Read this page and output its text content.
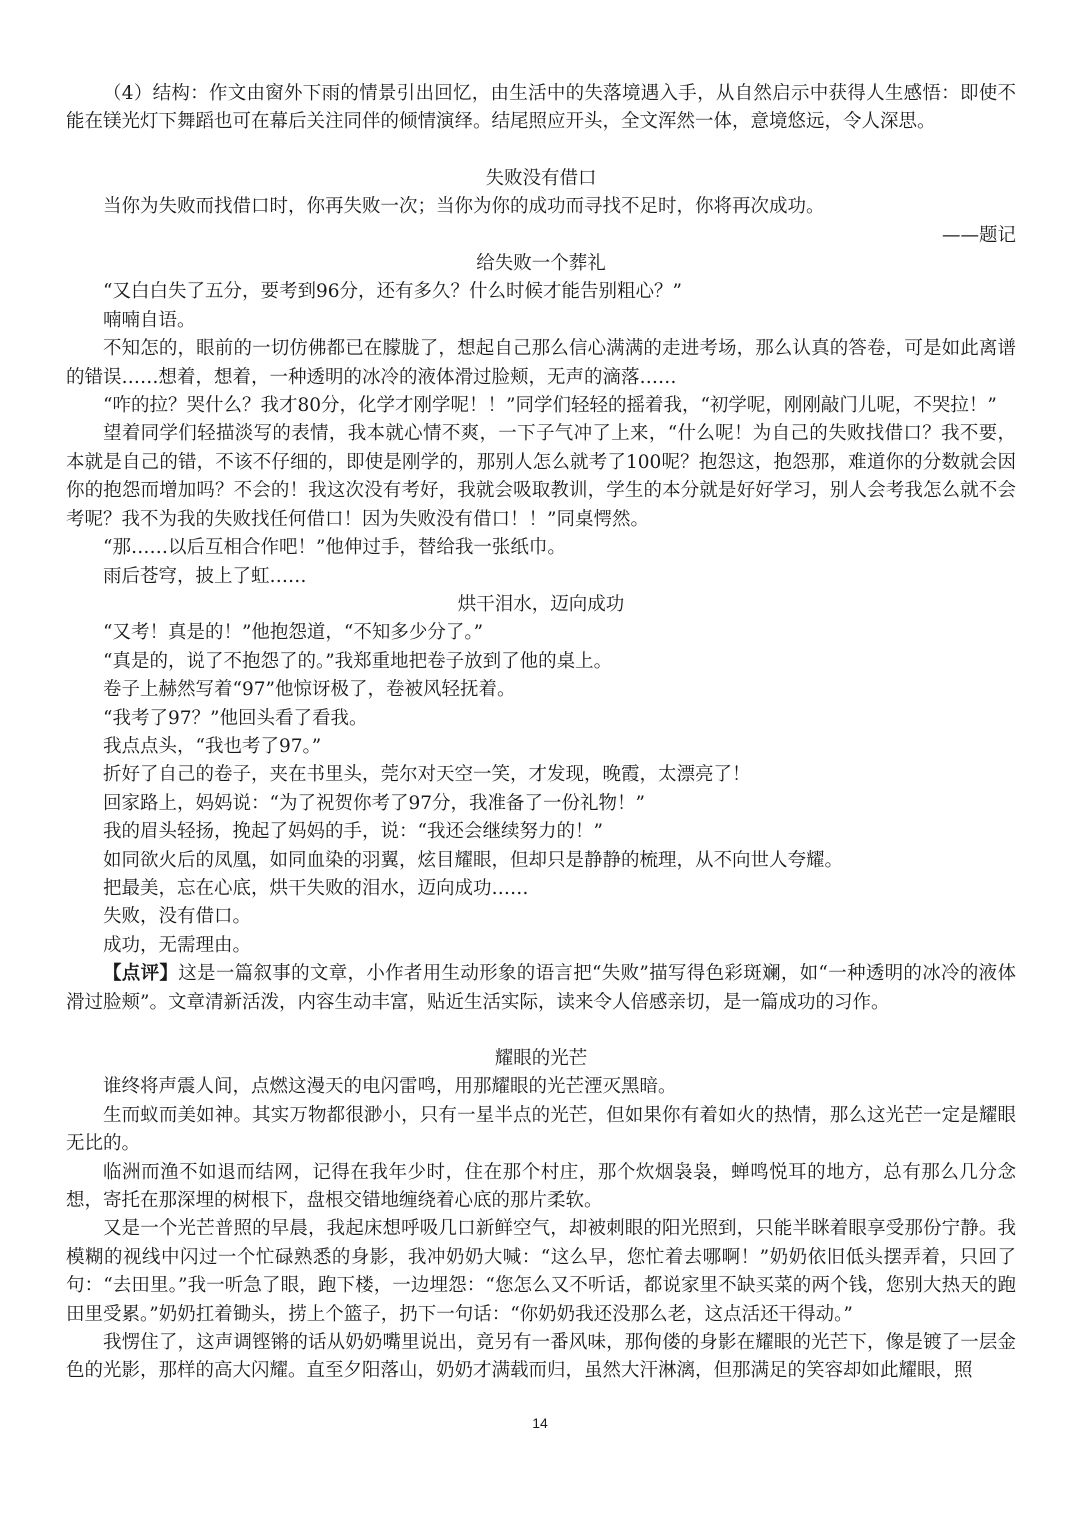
（4）结构：作文由窗外下雨的情景引出回忆，由生活中的失落境遇入手，从自然启示中获得人生感悟：即使不能在镁光灯下舞蹈也可在幕后关注同伴的倾情演绎。结尾照应开头，全文浑然一体，意境悠远，令人深思。

失败没有借口

当你为失败而找借口时，你再失败一次；当你为你的成功而寻找不足时，你将再次成功。

——题记

给失败一个葬礼

“又白白失了五分，要考到96分，还有多久？什么时候才能告别粗心？”

喃喃自语。

不知怎的，眼前的一切仿佛都已在朦胧了，想起自己那么信心满满的走进考场，那么认真的答卷，可是如此离谱的错误……想着，想着，一种透明的冰冷的液体滑过脸颊，无声的滴落……

“咋的拉？哭什么？我才80分，化学才刚学呢！！”同学们轻轻的摇着我，“初学呢，刚刚敲门儿呢，不哭拉！”

望着同学们轻描淡写的表情，我本就心情不爽，一下子气冲了上来，“什么呢！为自己的失败找借口？我不要，本就是自己的错，不该不仔细的，即使是刚学的，那别人怎么就考了100呢？抱怨这，抱怨那，难道你的分数就会因你的抱怨而增加吗？不会的！我这次没有考好，我就会吸取教训，学生的本分就是好好学习，别人会考我怎么就不会考呢？我不为我的失败找任何借口！因为失败没有借口！！”同桌愕然。

“那……以后互相合作吧！”他伸过手，替给我一张纸巾。

雨后苍穹，披上了虹……

烘干泪水，迈向成功

“又考！真是的！”他抱怨道，“不知多少分了。”

“真是的，说了不抱怨了的。”我郑重地把卷子放到了他的桌上。

卷子上赫然写着“97”他惊讶极了，卷被风轻抚着。

“我考了97？”他回头看了看我。

我点点头，“我也考了97。”

折好了自己的卷子，夹在书里头，莞尔对天空一笑，才发现，晚霞，太漂亮了！

回家路上，妈妈说：“为了祝贺你考了97分，我准备了一份礼物！”

我的眉头轻扬，挽起了妈妈的手，说：“我还会继续努力的！”

如同欲火后的凤凰，如同血染的羽翼，炫目耀眼，但却只是静静的梳理，从不向世人夸耀。

把最美，忘在心底，烘干失败的泪水，迈向成功……

失败，没有借口。

成功，无需理由。

【点评】这是一篇叙事的文章，小作者用生动形象的语言把“失败”描写得色彩斑斓，如“一种透明的冰冷的液体滑过脸颊”。文章清新活泼，内容生动丰富，贴近生活实际，读来令人倍感亲切，是一篇成功的习作。

耀眼的光芒

谁终将声震人间，点燃这漫天的电闪雷鸣，用那耀眼的光芒湮灭黑暗。

生而蚁而美如神。其实万物都很渺小，只有一星半点的光芒，但如果你有着如火的热情，那么这光芒一定是耀眼无比的。

临洲而渔不如退而结网，记得在我年少时，住在那个村庄，那个炊烟袅袅，蝉鸣悦耳的地方，总有那么几分念想，寄托在那深埋的树根下，盘根交错地缠绕着心底的那片柔软。

又是一个光芒普照的早晨，我起床想呼吸几口新鲜空气，却被刺眼的阳光照到，只能半眯着眼享受那份宁静。我模糊的视线中闪过一个忙碌熟悉的身影，我冲奶奶大喊：“这么早，您忙着去哪啊！”奶奶依旧低头摆弄着，只回了句：“去田里。”我一听急了眼，跑下楼，一边埋怨：“您怎么又不听话，都说家里不缺买菜的两个钱，您别大热天的跑田里受累。”奶奶扛着锄头，捞上个篮子，扔下一句话：“你奶奶我还没那么老，这点活还干得动。”

我愣住了，这声调铿锵的话从奶奶嘴里说出，竟另有一番风味，那佝偻的身影在耀眼的光芒下，像是镀了一层金色的光影，那样的高大闪耀。直至夕阳落山，奶奶才满载而归，虽然大汗淋漓，但那满足的笑容却如此耀眼，照

14
